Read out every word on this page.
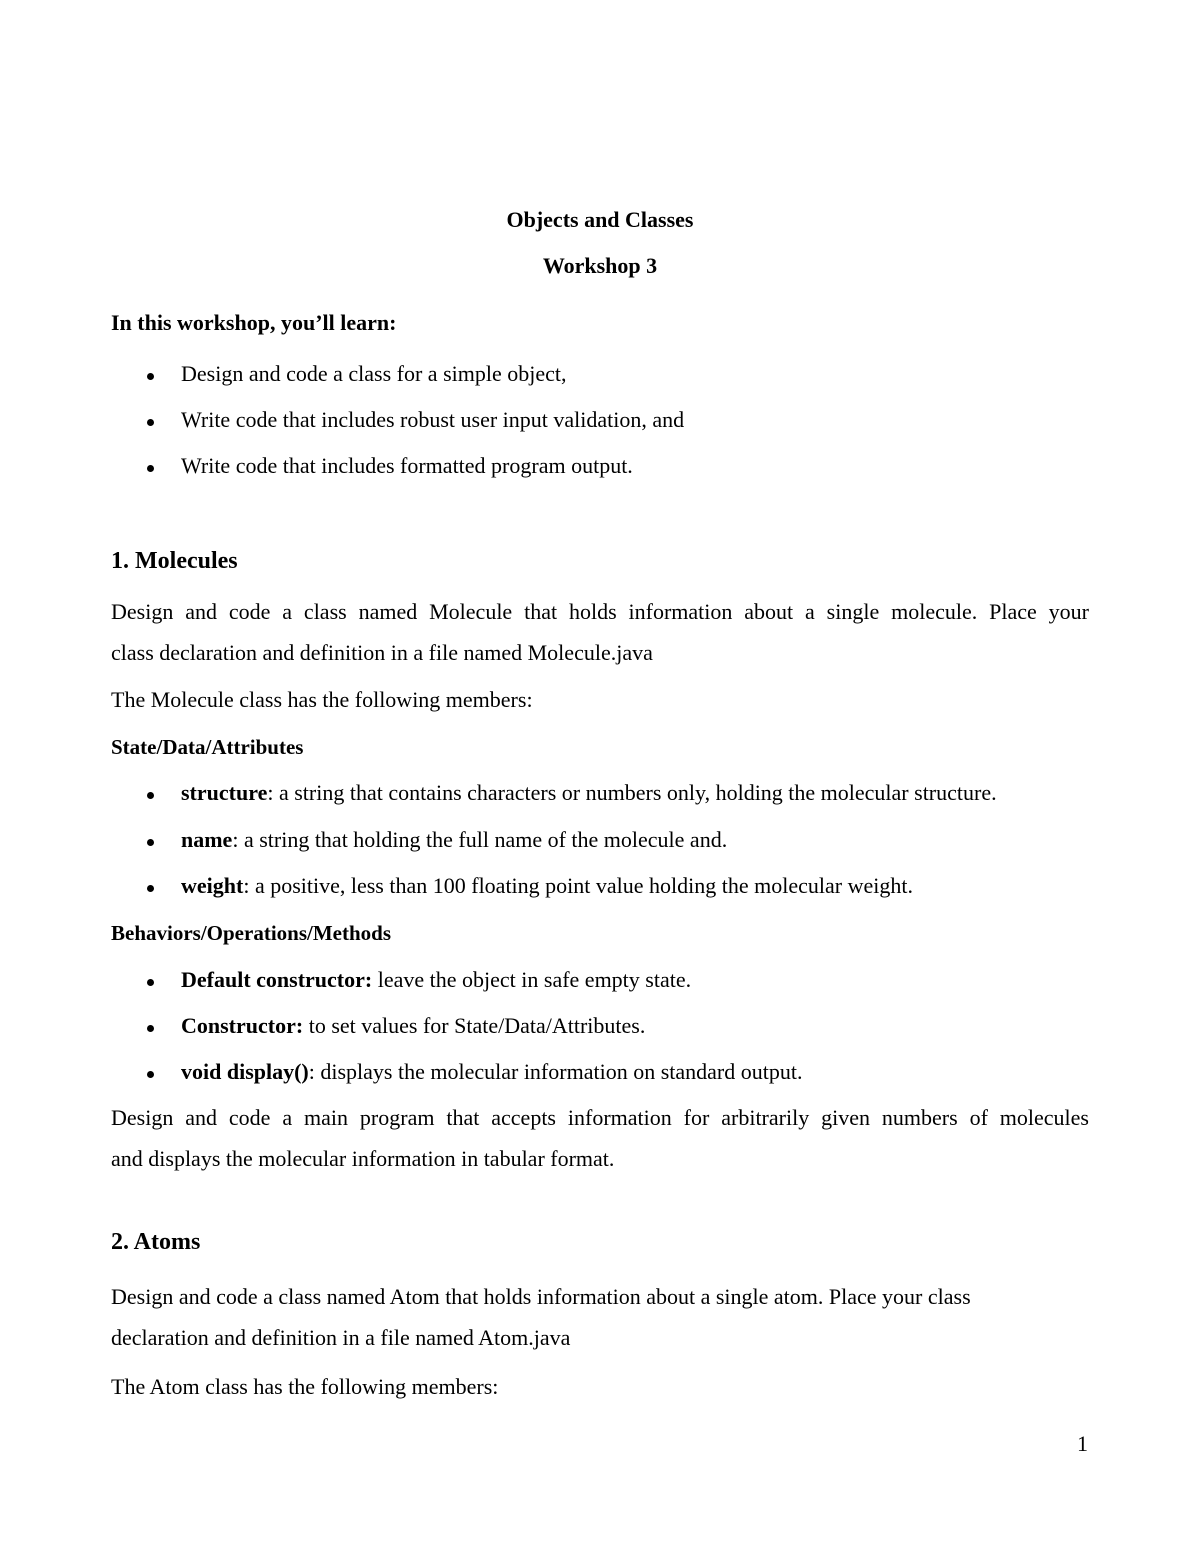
Objects and Classes
Workshop 3
In this workshop, you’ll learn:
Design and code a class for a simple object,
Write code that includes robust user input validation, and
Write code that includes formatted program output.
1. Molecules
Design and code a class named Molecule that holds information about a single molecule. Place your
class declaration and definition in a file named Molecule.java
The Molecule class has the following members:
State/Data/Attributes
structure: a string that contains characters or numbers only, holding the molecular structure.
name: a string that holding the full name of the molecule and.
weight: a positive, less than 100 floating point value holding the molecular weight.
Behaviors/Operations/Methods
Default constructor: leave the object in safe empty state.
Constructor: to set values for State/Data/Attributes.
void display(): displays the molecular information on standard output.
Design and code a main program that accepts information for arbitrarily given numbers of molecules
and displays the molecular information in tabular format.
2. Atoms
Design and code a class named Atom that holds information about a single atom. Place your class
declaration and definition in a file named Atom.java
The Atom class has the following members:
1
